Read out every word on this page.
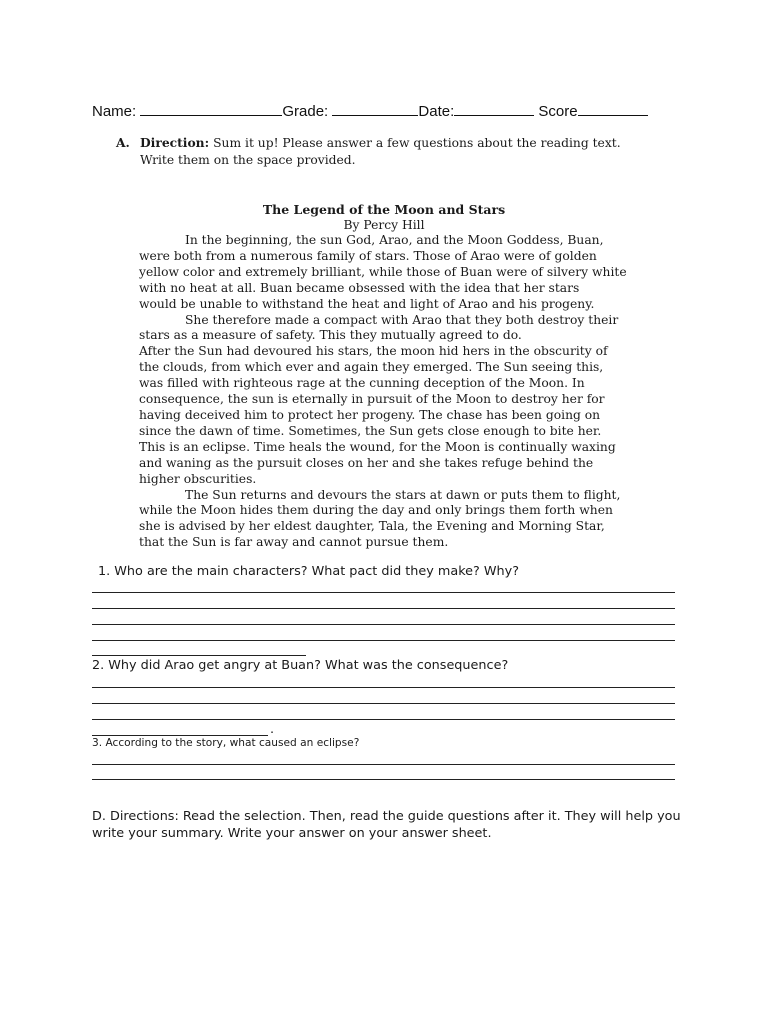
Name:	Grade:	Date:	Score
A. Direction: Sum it up! Please answer a few questions about the reading text.
Write them on the space provided.
The Legend of the Moon and Stars
By Percy Hill
In the beginning, the sun God, Arao, and the Moon Goddess, Buan,
were both from a numerous family of stars. Those of Arao were of golden
yellow color and extremely brilliant, while those of Buan were of silvery white
with no heat at all. Buan became obsessed with the idea that her stars
would be unable to withstand the heat and light of Arao and his progeny.
She therefore made a compact with Arao that they both destroy their
stars as a measure of safety. This they mutually agreed to do.
After the Sun had devoured his stars, the moon hid hers in the obscurity of
the clouds, from which ever and again they emerged. The Sun seeing this,
was filled with righteous rage at the cunning deception of the Moon. In
consequence, the sun is eternally in pursuit of the Moon to destroy her for
having deceived him to protect her progeny. The chase has been going on
since the dawn of time. Sometimes, the Sun gets close enough to bite her.
This is an eclipse. Time heals the wound, for the Moon is continually waxing
and waning as the pursuit closes on her and she takes refuge behind the
higher obscurities.
The Sun returns and devours the stars at dawn or puts them to flight,
while the Moon hides them during the day and only brings them forth when
she is advised by her eldest daughter, Tala, the Evening and Morning Star,
that the Sun is far away and cannot pursue them.
1. Who are the main characters? What pact did they make? Why?
2. Why did Arao get angry at Buan? What was the consequence?
.
3. According to the story, what caused an eclipse?
D. Directions: Read the selection. Then, read the guide questions after it. They will help you write your summary. Write your answer on your answer sheet.
